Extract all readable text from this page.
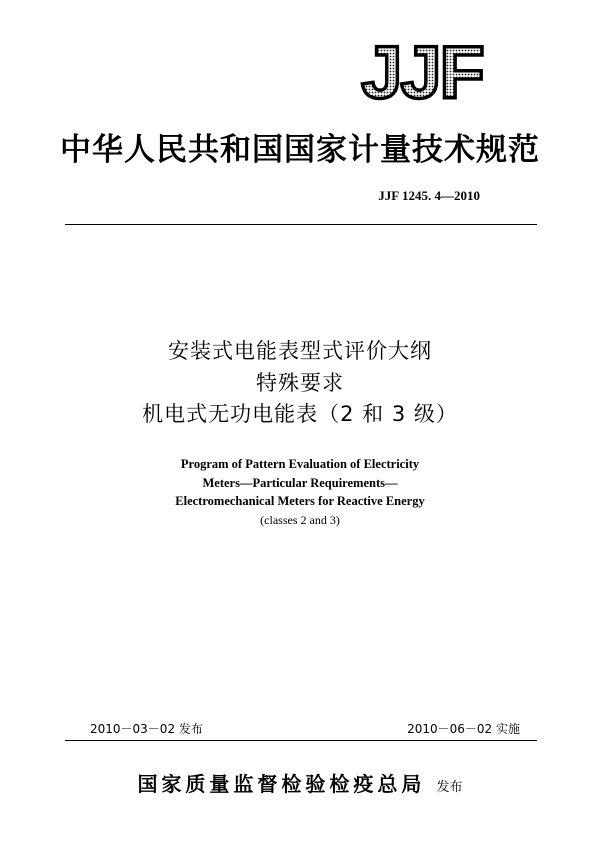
JJF
中华人民共和国国家计量技术规范
JJF 1245. 4—2010
安装式电能表型式评价大纲
特殊要求
机电式无功电能表（2 和 3 级）
Program of Pattern Evaluation of Electricity
Meters—Particular Requirements—
Electromechanical Meters for Reactive Energy
(classes 2 and 3)
2010－03－02 发布	2010－06－02 实施
国家质量监督检验检疫总局 发布
